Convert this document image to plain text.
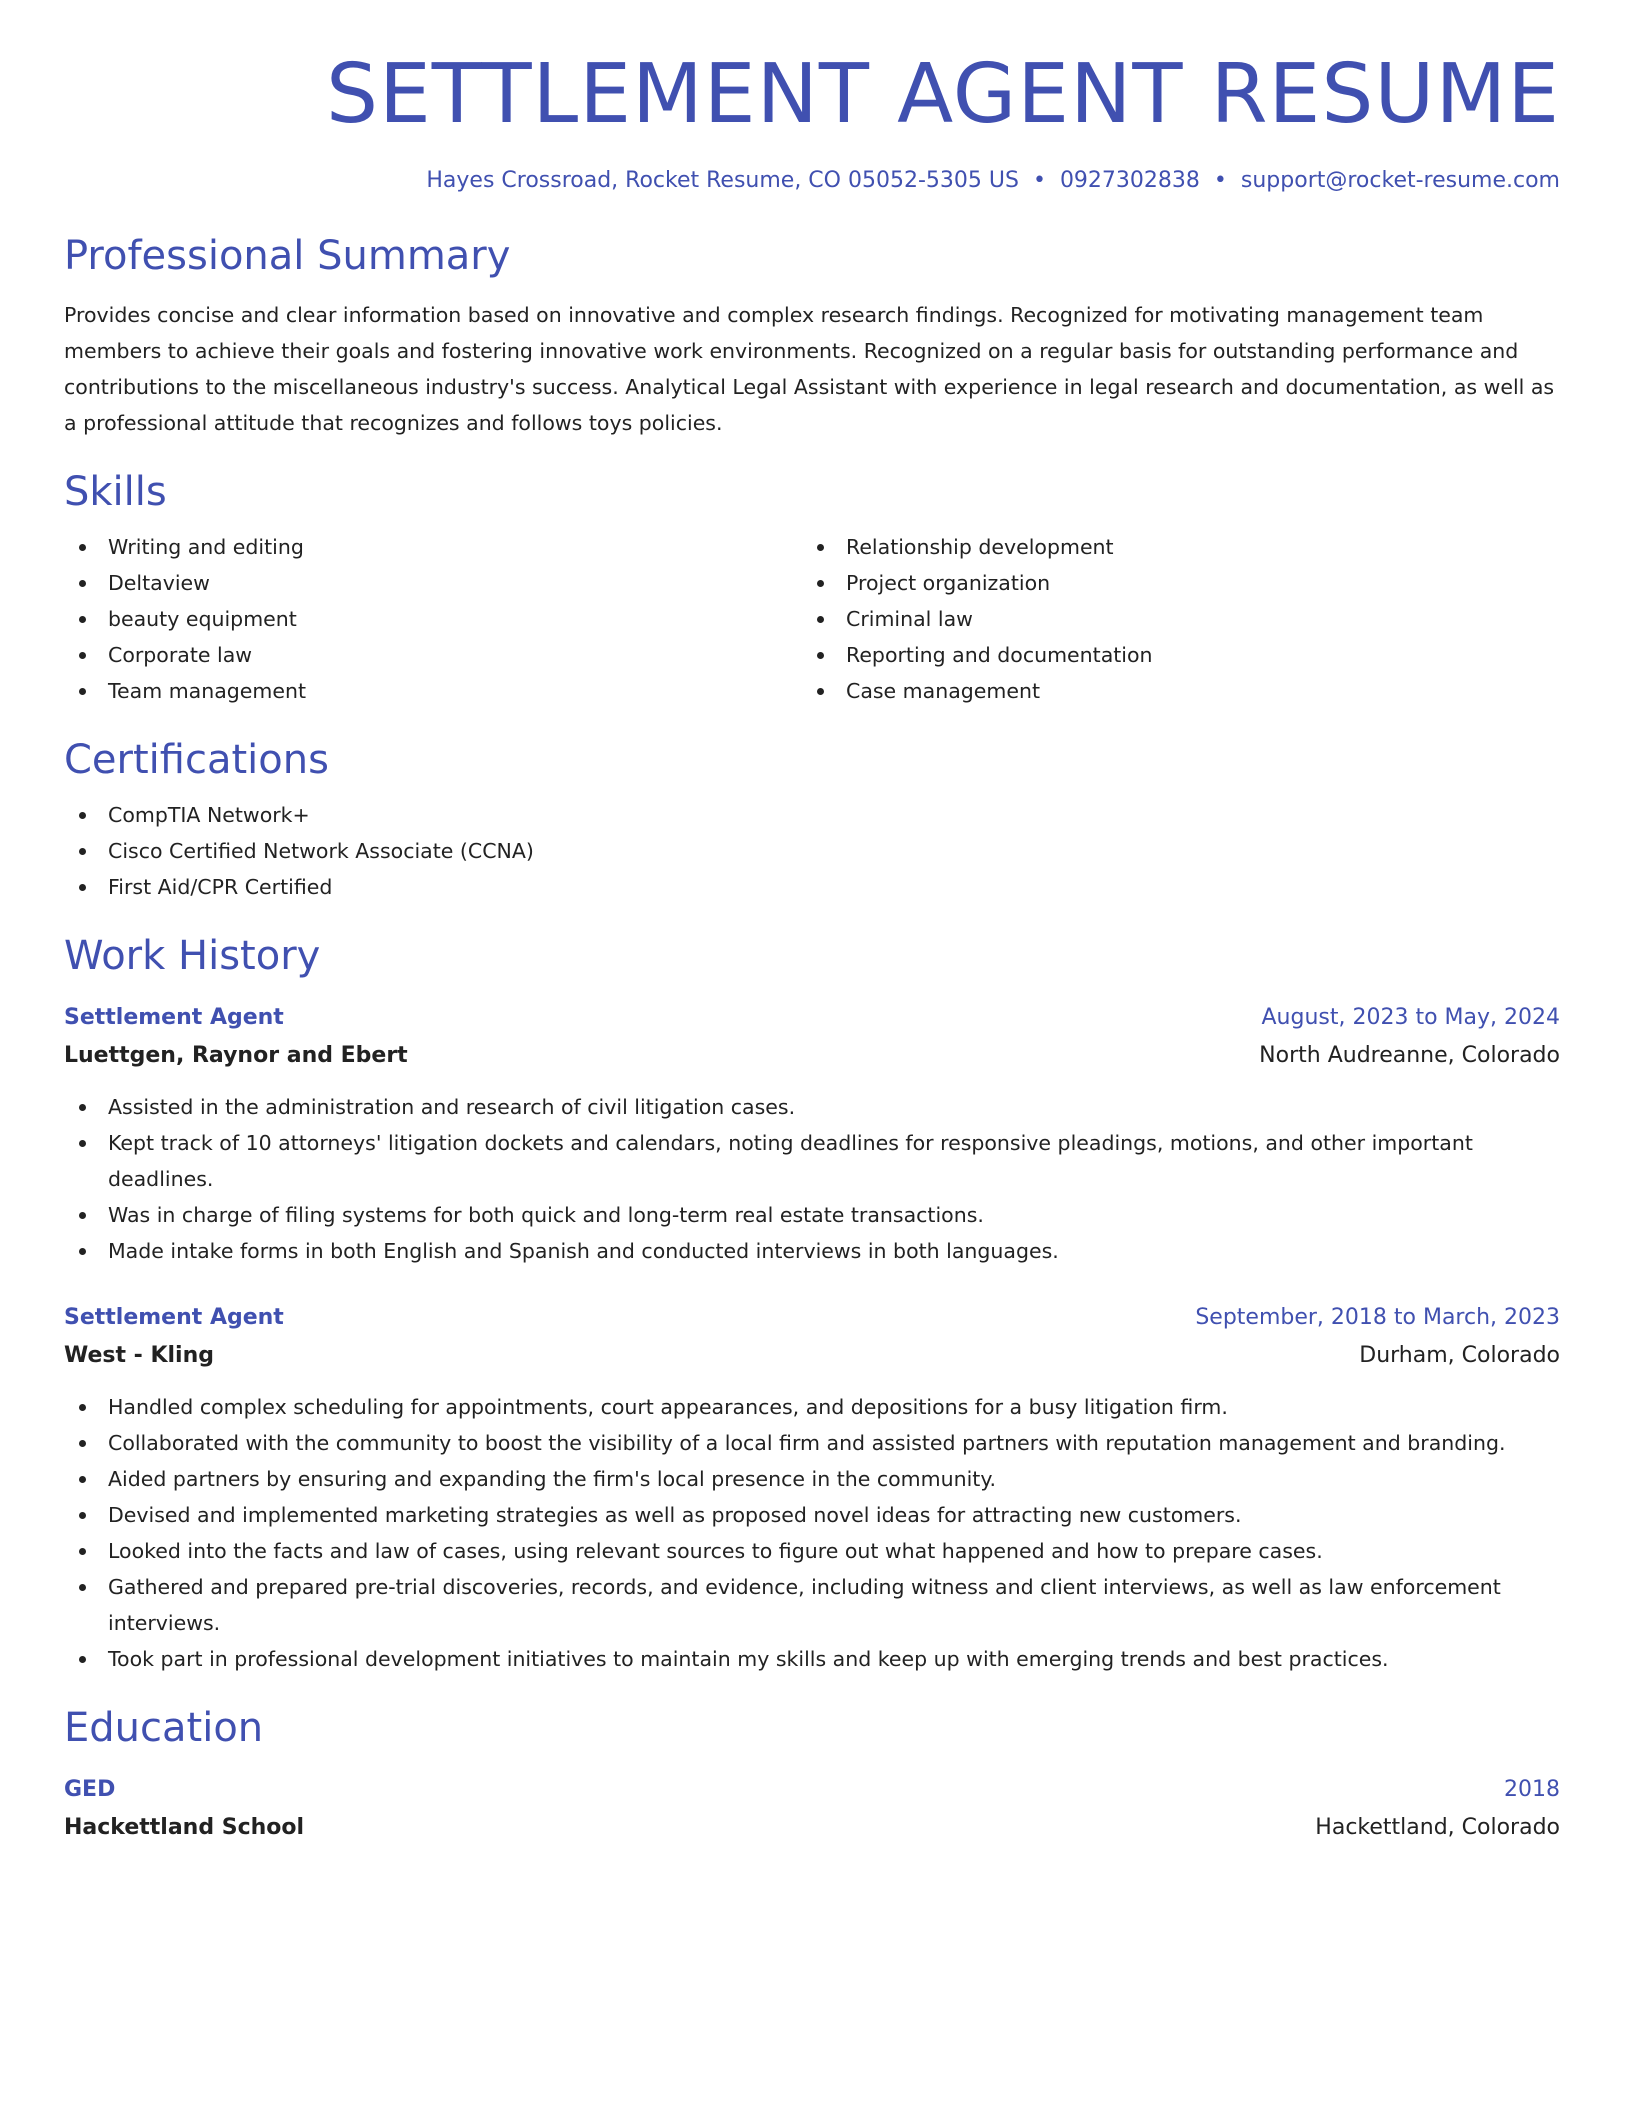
SETTLEMENT AGENT RESUME
Hayes Crossroad, Rocket Resume, CO 05052-5305 US • 0927302838 • support@rocket-resume.com
Professional Summary

Provides concise and clear information based on innovative and complex research findings. Recognized for motivating management team members to achieve their goals and fostering innovative work environments. Recognized on a regular basis for outstanding performance and contributions to the miscellaneous industry's success. Analytical Legal Assistant with experience in legal research and documentation, as well as a professional attitude that recognizes and follows toys policies.

Skills
Writing and editing
Deltaview
beauty equipment
Corporate law
Team management
Relationship development
Project organization
Criminal law
Reporting and documentation
Case management
Certifications
CompTIA Network+
Cisco Certified Network Associate (CCNA)
First Aid/CPR Certified
Work History
Settlement Agent	August, 2023 to May, 2024
Luettgen, Raynor and Ebert	North Audreanne, Colorado
Assisted in the administration and research of civil litigation cases.
Kept track of 10 attorneys' litigation dockets and calendars, noting deadlines for responsive pleadings, motions, and other important deadlines.
Was in charge of filing systems for both quick and long-term real estate transactions.
Made intake forms in both English and Spanish and conducted interviews in both languages.
Settlement Agent	September, 2018 to March, 2023
West - Kling	Durham, Colorado
Handled complex scheduling for appointments, court appearances, and depositions for a busy litigation firm.
Collaborated with the community to boost the visibility of a local firm and assisted partners with reputation management and branding.
Aided partners by ensuring and expanding the firm's local presence in the community.
Devised and implemented marketing strategies as well as proposed novel ideas for attracting new customers.
Looked into the facts and law of cases, using relevant sources to figure out what happened and how to prepare cases.
Gathered and prepared pre-trial discoveries, records, and evidence, including witness and client interviews, as well as law enforcement interviews.
Took part in professional development initiatives to maintain my skills and keep up with emerging trends and best practices.
Education
GED	2018
Hackettland School	Hackettland, Colorado
